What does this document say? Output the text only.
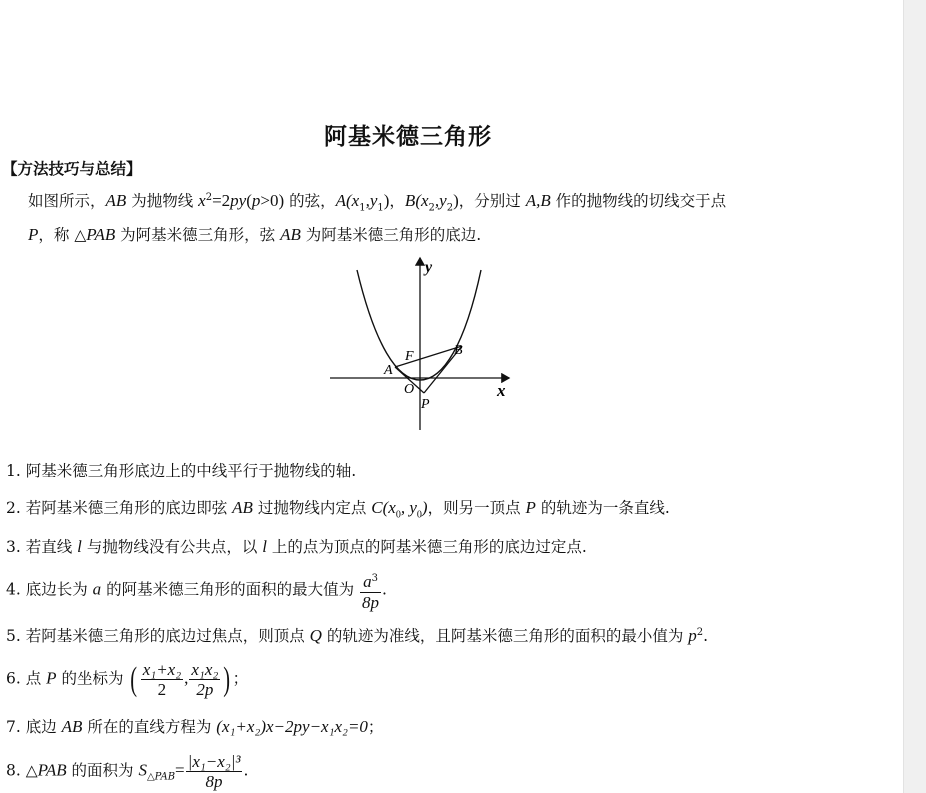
阿基米德三角形
【方法技巧与总结】
如图所示，AB 为抛物线 $x^2=2py(p>0)$ 的弦，$A(x_1,y_1)$，$B(x_2,y_2)$，分别过 A,B 作的抛物线的切线交于点
P，称 △PAB 为阿基米德三角形，弦 AB 为阿基米德三角形的底边.
y
x
A
B
F
O
P
1. 阿基米德三角形底边上的中线平行于抛物线的轴.
2. 若阿基米德三角形的底边即弦 AB 过抛物线内定点 $C(x_0$, $y_0$)，则另一顶点 P 的轨迹为一条直线.
3. 若直线 l 与抛物线没有公共点，以 l 上的点为顶点的阿基米德三角形的底边过定点.
4. 底边长为 a 的阿基米德三角形的面积的最大值为 $\frac{a^3}{8p}$ .
5. 若阿基米德三角形的底边过焦点，则顶点 Q 的轨迹为准线，且阿基米德三角形的面积的最小值为 $p^2$.
6. 点 P 的坐标为 ( $\frac{\text{x₁+x₂}}{2}$ , $\frac{\text{x₁x₂}}{2p}$ ) ；
7. 底边 AB 所在的直线方程为 (x₁+x₂)x−2py−x₁x₂=0；
8. △PAB 的面积为 $S_{\triangle PAB}= \frac{\text{|x₁−x₂|³}}{8p}$ .
